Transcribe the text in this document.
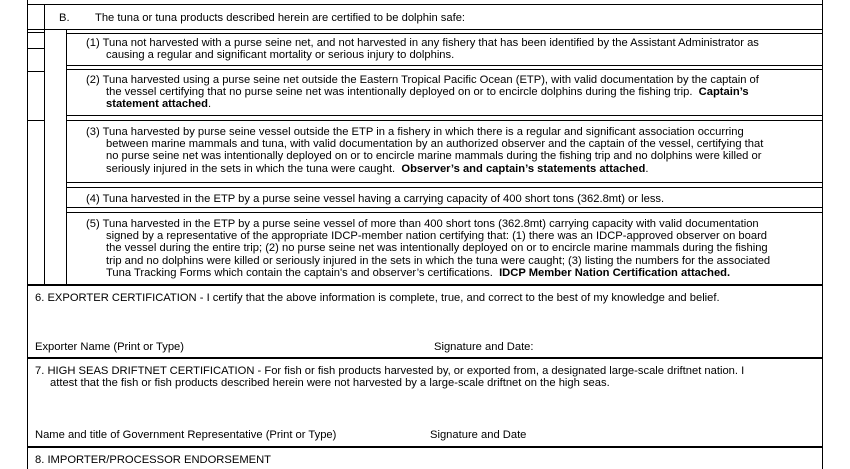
B. The tuna or tuna products described herein are certified to be dolphin safe:
(1) Tuna not harvested with a purse seine net, and not harvested in any fishery that has been identified by the Assistant Administrator as
causing a regular and significant mortality or serious injury to dolphins.
(2) Tuna harvested using a purse seine net outside the Eastern Tropical Pacific Ocean (ETP), with valid documentation by the captain of
the vessel certifying that no purse seine net was intentionally deployed on or to encircle dolphins during the fishing trip. Captain’s
statement attached.
(3) Tuna harvested by purse seine vessel outside the ETP in a fishery in which there is a regular and significant association occurring
between marine mammals and tuna, with valid documentation by an authorized observer and the captain of the vessel, certifying that
no purse seine net was intentionally deployed on or to encircle marine mammals during the fishing trip and no dolphins were killed or
seriously injured in the sets in which the tuna were caught. Observer’s and captain’s statements attached.
(4) Tuna harvested in the ETP by a purse seine vessel having a carrying capacity of 400 short tons (362.8mt) or less.
(5) Tuna harvested in the ETP by a purse seine vessel of more than 400 short tons (362.8mt) carrying capacity with valid documentation
signed by a representative of the appropriate IDCP-member nation certifying that: (1) there was an IDCP-approved observer on board
the vessel during the entire trip; (2) no purse seine net was intentionally deployed on or to encircle marine mammals during the fishing
trip and no dolphins were killed or seriously injured in the sets in which the tuna were caught; (3) listing the numbers for the associated
Tuna Tracking Forms which contain the captain's and observer’s certifications. IDCP Member Nation Certification attached.
6. EXPORTER CERTIFICATION - I certify that the above information is complete, true, and correct to the best of my knowledge and belief.
Exporter Name (Print or Type)	Signature and Date:
7. HIGH SEAS DRIFTNET CERTIFICATION - For fish or fish products harvested by, or exported from, a designated large-scale driftnet nation. I
attest that the fish or fish products described herein were not harvested by a large-scale driftnet on the high seas.
Name and title of Government Representative (Print or Type)	Signature and Date
8. IMPORTER/PROCESSOR ENDORSEMENT
